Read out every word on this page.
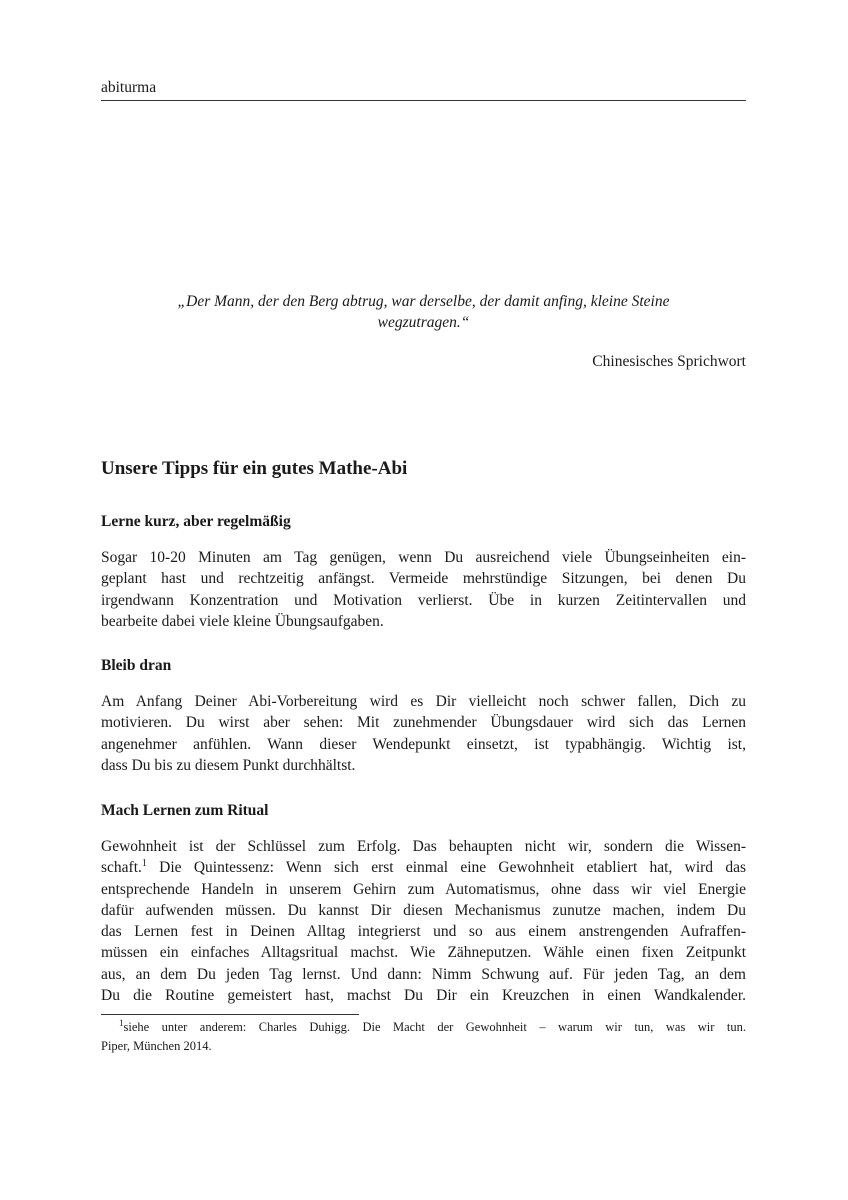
abiturma
„Der Mann, der den Berg abtrug, war derselbe, der damit anfing, kleine Steine
wegzutragen.“
Chinesisches Sprichwort
Unsere Tipps für ein gutes Mathe-Abi
Lerne kurz, aber regelmäßig
Sogar 10-20 Minuten am Tag genügen, wenn Du ausreichend viele Übungseinheiten ein-
geplant hast und rechtzeitig anfängst. Vermeide mehrstündige Sitzungen, bei denen Du
irgendwann Konzentration und Motivation verlierst. Übe in kurzen Zeitintervallen und
bearbeite dabei viele kleine Übungsaufgaben.
Bleib dran
Am Anfang Deiner Abi-Vorbereitung wird es Dir vielleicht noch schwer fallen, Dich zu
motivieren. Du wirst aber sehen: Mit zunehmender Übungsdauer wird sich das Lernen
angenehmer anfühlen. Wann dieser Wendepunkt einsetzt, ist typabhängig. Wichtig ist,
dass Du bis zu diesem Punkt durchhältst.
Mach Lernen zum Ritual
Gewohnheit ist der Schlüssel zum Erfolg. Das behaupten nicht wir, sondern die Wissen-
schaft.$^1$ Die Quintessenz: Wenn sich erst einmal eine Gewohnheit etabliert hat, wird das
entsprechende Handeln in unserem Gehirn zum Automatismus, ohne dass wir viel Energie
dafür aufwenden müssen. Du kannst Dir diesen Mechanismus zunutze machen, indem Du
das Lernen fest in Deinen Alltag integrierst und so aus einem anstrengenden Aufraffen-
müssen ein einfaches Alltagsritual machst. Wie Zähneputzen. Wähle einen fixen Zeitpunkt
aus, an dem Du jeden Tag lernst. Und dann: Nimm Schwung auf. Für jeden Tag, an dem
Du die Routine gemeistert hast, machst Du Dir ein Kreuzchen in einen Wandkalender.
$^1$siehe unter anderem: Charles Duhigg. Die Macht der Gewohnheit – warum wir tun, was wir tun.
Piper, München 2014.
